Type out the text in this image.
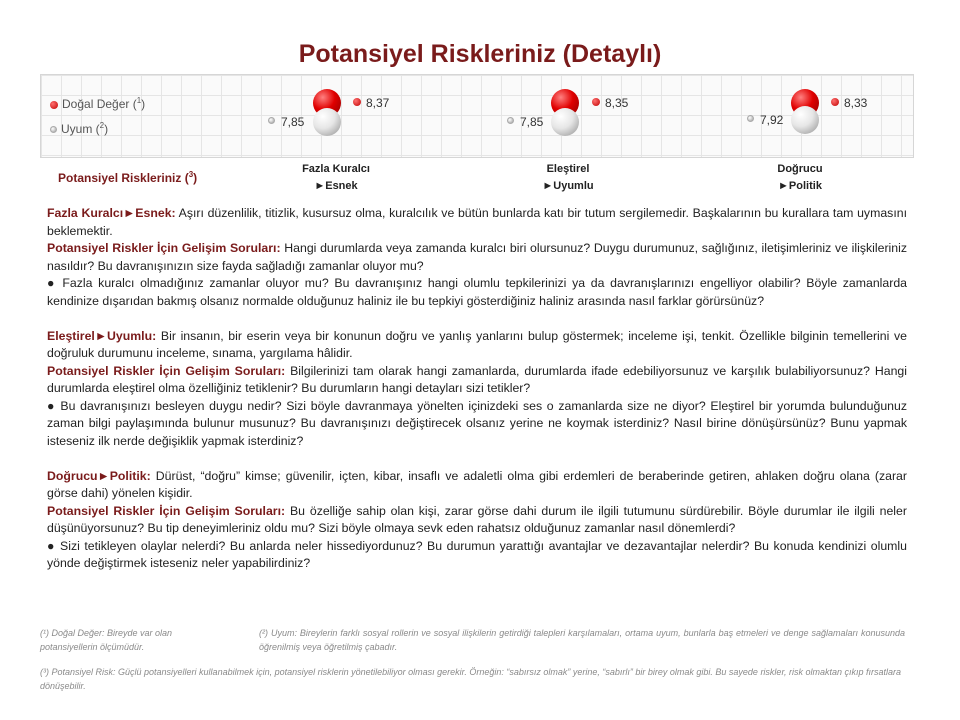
Potansiyel Riskleriniz (Detaylı)
Doğal Değer ($^1$)
Uyum ($^2$)
8,37
7,85
8,35
7,85
8,33
7,92
Potansiyel Riskleriniz ($^3$)
Fazla Kuralcı
►Esnek
Eleştirel
►Uyumlu
Doğrucu
►Politik

Fazla Kuralcı►Esnek: Aşırı düzenlilik, titizlik, kusursuz olma, kuralcılık ve bütün bunlarda katı bir tutum sergilemedir. Başkalarının bu kurallara tam uymasını beklemektir.

Potansiyel Riskler İçin Gelişim Soruları: Hangi durumlarda veya zamanda kuralcı biri olursunuz? Duygu durumunuz, sağlığınız, iletişimleriniz ve ilişkileriniz nasıldır? Bu davranışınızın size fayda sağladığı zamanlar oluyor mu?

● Fazla kuralcı olmadığınız zamanlar oluyor mu? Bu davranışınız hangi olumlu tepkilerinizi ya da davranışlarınızı engelliyor olabilir? Böyle zamanlarda kendinize dışarıdan bakmış olsanız normalde olduğunuz haliniz ile bu tepkiyi gösterdiğiniz haliniz arasında nasıl farklar görürsünüz?

Eleştirel►Uyumlu: Bir insanın, bir eserin veya bir konunun doğru ve yanlış yanlarını bulup göstermek; inceleme işi, tenkit. Özellikle bilginin temellerini ve doğruluk durumunu inceleme, sınama, yargılama hâlidir.

Potansiyel Riskler İçin Gelişim Soruları: Bilgilerinizi tam olarak hangi zamanlarda, durumlarda ifade edebiliyorsunuz ve karşılık bulabiliyorsunuz? Hangi durumlarda eleştirel olma özelliğiniz tetiklenir? Bu durumların hangi detayları sizi tetikler?

● Bu davranışınızı besleyen duygu nedir? Sizi böyle davranmaya yönelten içinizdeki ses o zamanlarda size ne diyor? Eleştirel bir yorumda bulunduğunuz zaman bilgi paylaşımında bulunur musunuz? Bu davranışınızı değiştirecek olsanız yerine ne koymak isterdiniz? Nasıl birine dönüşürsünüz? Bunu yapmak isteseniz ilk nerde değişiklik yapmak isterdiniz?

Doğrucu►Politik: Dürüst, “doğru” kimse; güvenilir, içten, kibar, insaflı ve adaletli olma gibi erdemleri de beraberinde getiren, ahlaken doğru olana (zarar görse dahi) yönelen kişidir.

Potansiyel Riskler İçin Gelişim Soruları: Bu özelliğe sahip olan kişi, zarar görse dahi durum ile ilgili tutumunu sürdürebilir. Böyle durumlar ile ilgili neler düşünüyorsunuz? Bu tip deneyimleriniz oldu mu? Sizi böyle olmaya sevk eden rahatsız olduğunuz zamanlar nasıl dönemlerdi?

● Sizi tetikleyen olaylar nelerdi? Bu anlarda neler hissediyordunuz? Bu durumun yarattığı avantajlar ve dezavantajlar nelerdir? Bu konuda kendinizi olumlu yönde değiştirmek isteseniz neler yapabilirdiniz?

(¹) Doğal Değer: Bireyde var olan potansiyellerin ölçümüdür.
(²) Uyum: Bireylerin farklı sosyal rollerin ve sosyal ilişkilerin getirdiği talepleri karşılamaları, ortama uyum, bunlarla baş etmeleri ve denge sağlamaları konusunda öğrenilmiş veya öğretilmiş çabadır.
(³) Potansiyel Risk: Güçlü potansiyelleri kullanabilmek için, potansiyel risklerin yönetilebiliyor olması gerekir. Örneğin: “sabırsız olmak” yerine, “sabırlı” bir birey olmak gibi. Bu sayede riskler, risk olmaktan çıkıp fırsatlara dönüşebilir.
